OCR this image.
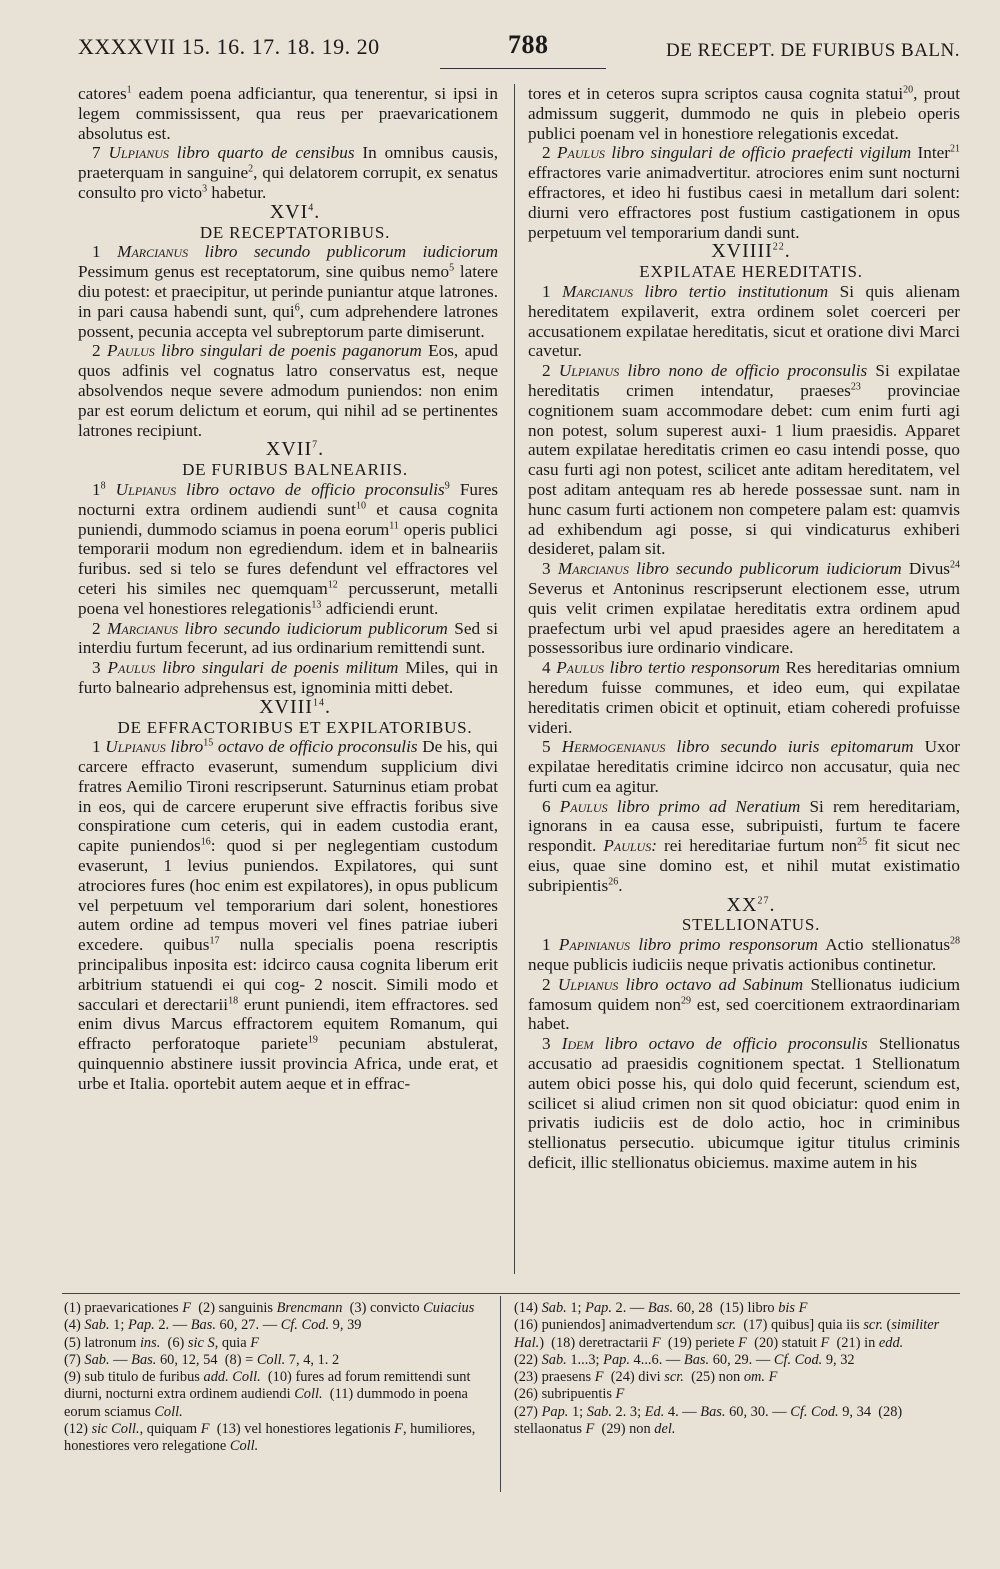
XXXXVII 15. 16. 17. 18. 19. 20	788	DE RECEPT. DE FURIBUS BALN.

catores$^1$ eadem poena adficiantur, qua tenerentur, si ipsi in legem commississent, qua reus per praevaricationem absolutus est.

7 Ulpianus libro quarto de censibus In omnibus causis, praeterquam in sanguine$^2$, qui delatorem corrupit, ex senatus consulto pro victo$^3$ habetur.

XVI$^4$.

DE RECEPTATORIBUS.

1 Marcianus libro secundo publicorum iudiciorum Pessimum genus est receptatorum, sine quibus nemo$^5$ latere diu potest: et praecipitur, ut perinde puniantur atque latrones. in pari causa habendi sunt, qui$^6$, cum adprehendere latrones possent, pecunia accepta vel subreptorum parte dimiserunt.

2 Paulus libro singulari de poenis paganorum Eos, apud quos adfinis vel cognatus latro conservatus est, neque absolvendos neque severe admodum puniendos: non enim par est eorum delictum et eorum, qui nihil ad se pertinentes latrones recipiunt.

XVII$^7$.

DE FURIBUS BALNEARIIS.

$1^8$ Ulpianus libro octavo de officio proconsulis$^9$ Fures nocturni extra ordinem audiendi sunt$^{10}$ et causa cognita puniendi, dummodo sciamus in poena eorum$^{11}$ operis publici temporarii modum non egrediendum. idem et in balneariis furibus. sed si telo se fures defendunt vel effractores vel ceteri his similes nec quemquam$^{12}$ percusserunt, metalli poena vel honestiores relegationis$^{13}$ adficiendi erunt.

2 Marcianus libro secundo iudiciorum publicorum Sed si interdiu furtum fecerunt, ad ius ordinarium remittendi sunt.

3 Paulus libro singulari de poenis militum Miles, qui in furto balneario adprehensus est, ignominia mitti debet.

XVIII$^{14}$.

DE EFFRACTORIBUS ET EXPILATORIBUS.

1 Ulpianus libro$^{15}$ octavo de officio proconsulis De his, qui carcere effracto evaserunt, sumendum supplicium divi fratres Aemilio Tironi rescripserunt. Saturninus etiam probat in eos, qui de carcere eruperunt sive effractis foribus sive conspiratione cum ceteris, qui in eadem custodia erant, capite puniendos$^{16}$: quod si per neglegentiam custodum evaserunt, 1 levius puniendos. Expilatores, qui sunt atrociores fures (hoc enim est expilatores), in opus publicum vel perpetuum vel temporarium dari solent, honestiores autem ordine ad tempus moveri vel fines patriae iuberi excedere. quibus$^{17}$ nulla specialis poena rescriptis principalibus inposita est: idcirco causa cognita liberum erit arbitrium statuendi ei qui cog- 2 noscit. Simili modo et sacculari et derectarii$^{18}$ erunt puniendi, item effractores. sed enim divus Marcus effractorem equitem Romanum, qui effracto perforatoque pariete$^{19}$ pecuniam abstulerat, quinquennio abstinere iussit provincia Africa, unde erat, et urbe et Italia. oportebit autem aeque et in effrac-

tores et in ceteros supra scriptos causa cognita statui$^{20}$, prout admissum suggerit, dummodo ne quis in plebeio operis publici poenam vel in honestiore relegationis excedat.

2 Paulus libro singulari de officio praefecti vigilum Inter$^{21}$ effractores varie animadvertitur. atrociores enim sunt nocturni effractores, et ideo hi fustibus caesi in metallum dari solent: diurni vero effractores post fustium castigationem in opus perpetuum vel temporarium dandi sunt.

XVIIII$^{22}$.

EXPILATAE HEREDITATIS.

1 Marcianus libro tertio institutionum Si quis alienam hereditatem expilaverit, extra ordinem solet coerceri per accusationem expilatae hereditatis, sicut et oratione divi Marci cavetur.

2 Ulpianus libro nono de officio proconsulis Si expilatae hereditatis crimen intendatur, praeses$^{23}$ provinciae cognitionem suam accommodare debet: cum enim furti agi non potest, solum superest auxi- 1 lium praesidis. Apparet autem expilatae hereditatis crimen eo casu intendi posse, quo casu furti agi non potest, scilicet ante aditam hereditatem, vel post aditam antequam res ab herede possessae sunt. nam in hunc casum furti actionem non competere palam est: quamvis ad exhibendum agi posse, si qui vindicaturus exhiberi desideret, palam sit.

3 Marcianus libro secundo publicorum iudiciorum Divus$^{24}$ Severus et Antoninus rescripserunt electionem esse, utrum quis velit crimen expilatae hereditatis extra ordinem apud praefectum urbi vel apud praesides agere an hereditatem a possessoribus iure ordinario vindicare.

4 Paulus libro tertio responsorum Res hereditarias omnium heredum fuisse communes, et ideo eum, qui expilatae hereditatis crimen obicit et optinuit, etiam coheredi profuisse videri.

5 Hermogenianus libro secundo iuris epitomarum Uxor expilatae hereditatis crimine idcirco non accusatur, quia nec furti cum ea agitur.

6 Paulus libro primo ad Neratium Si rem hereditariam, ignorans in ea causa esse, subripuisti, furtum te facere respondit. Paulus: rei hereditariae furtum non$^{25}$ fit sicut nec eius, quae sine domino est, et nihil mutat existimatio subripientis$^{26}$.

XX$^{27}$.

STELLIONATUS.

1 Papinianus libro primo responsorum Actio stellionatus$^{28}$ neque publicis iudiciis neque privatis actionibus continetur.

2 Ulpianus libro octavo ad Sabinum Stellionatus iudicium famosum quidem non$^{29}$ est, sed coercitionem extraordinariam habet.

3 Idem libro octavo de officio proconsulis Stellionatus accusatio ad praesidis cognitionem spectat. 1 Stellionatum autem obici posse his, qui dolo quid fecerunt, sciendum est, scilicet si aliud crimen non sit quod obiciatur: quod enim in privatis iudiciis est de dolo actio, hoc in criminibus stellionatus persecutio. ubicumque igitur titulus criminis deficit, illic stellionatus obiciemus. maxime autem in his

(1) praevaricationes F  (2) sanguinis Brencmann  (3) convicto Cuiacius
(4) Sab. 1; Pap. 2. — Bas. 60, 27. — Cf. Cod. 9, 39
(5) latronum ins.  (6) sic S, quia F
(7) Sab. — Bas. 60, 12, 54  (8) = Coll. 7, 4, 1. 2
(9) sub titulo de furibus add. Coll.  (10) fures ad forum remittendi sunt diurni, nocturni extra ordinem audiendi Coll.  (11) dummodo in poena eorum sciamus Coll.
(12) sic Coll., quiquam F  (13) vel honestiores legationis F, humiliores, honestiores vero relegatione Coll.
(14) Sab. 1; Pap. 2. — Bas. 60, 28  (15) libro bis F
(16) puniendos] animadvertendum scr.  (17) quibus] quia iis scr. (similiter Hal.)  (18) deretractarii F  (19) periete F  (20) statuit F  (21) in edd.
(22) Sab. 1...3; Pap. 4...6. — Bas. 60, 29. — Cf. Cod. 9, 32
(23) praesens F  (24) divi scr.  (25) non om. F
(26) subripuentis F
(27) Pap. 1; Sab. 2. 3; Ed. 4. — Bas. 60, 30. — Cf. Cod. 9, 34  (28) stellaonatus F  (29) non del.
